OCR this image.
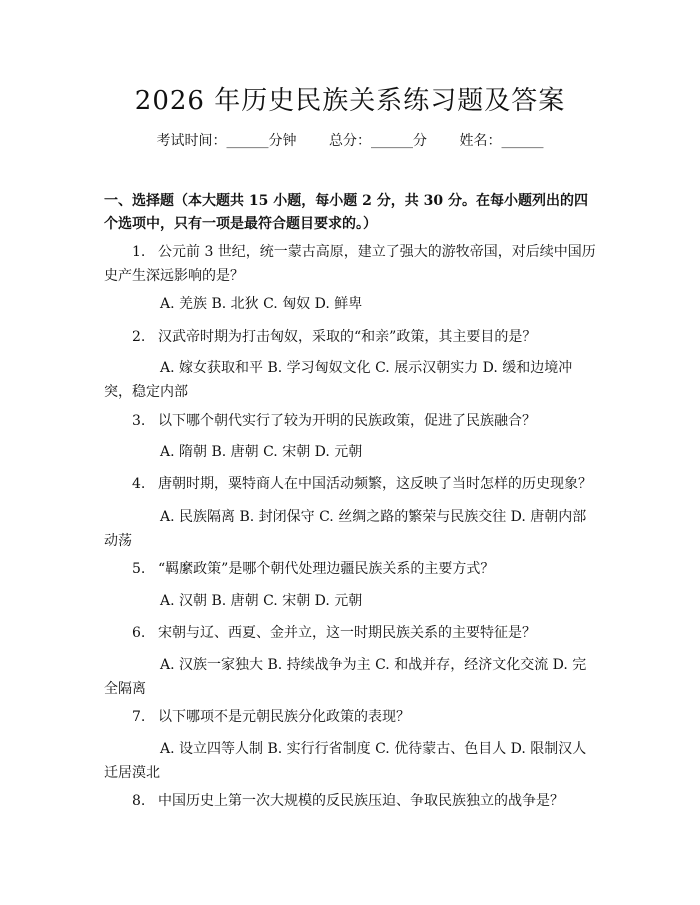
2026 年历史民族关系练习题及答案
考试时间：______分钟 总分：______分 姓名：______
一、选择题（本大题共 15 小题，每小题 2 分，共 30 分。在每小题列出的四个选项中，只有一项是最符合题目要求的。）
1. 公元前 3 世纪，统一蒙古高原，建立了强大的游牧帝国，对后续中国历史产生深远影响的是？
A. 羌族 B. 北狄 C. 匈奴 D. 鲜卑
2. 汉武帝时期为打击匈奴，采取的“和亲”政策，其主要目的是？
A. 嫁女获取和平 B. 学习匈奴文化 C. 展示汉朝实力 D. 缓和边境冲突，稳定内部
3. 以下哪个朝代实行了较为开明的民族政策，促进了民族融合？
A. 隋朝 B. 唐朝 C. 宋朝 D. 元朝
4. 唐朝时期，粟特商人在中国活动频繁，这反映了当时怎样的历史现象？
A. 民族隔离 B. 封闭保守 C. 丝绸之路的繁荣与民族交往 D. 唐朝内部动荡
5. “羁縻政策”是哪个朝代处理边疆民族关系的主要方式？
A. 汉朝 B. 唐朝 C. 宋朝 D. 元朝
6. 宋朝与辽、西夏、金并立，这一时期民族关系的主要特征是？
A. 汉族一家独大 B. 持续战争为主 C. 和战并存，经济文化交流 D. 完全隔离
7. 以下哪项不是元朝民族分化政策的表现？
A. 设立四等人制 B. 实行行省制度 C. 优待蒙古、色目人 D. 限制汉人迁居漠北
8. 中国历史上第一次大规模的反民族压迫、争取民族独立的战争是？
